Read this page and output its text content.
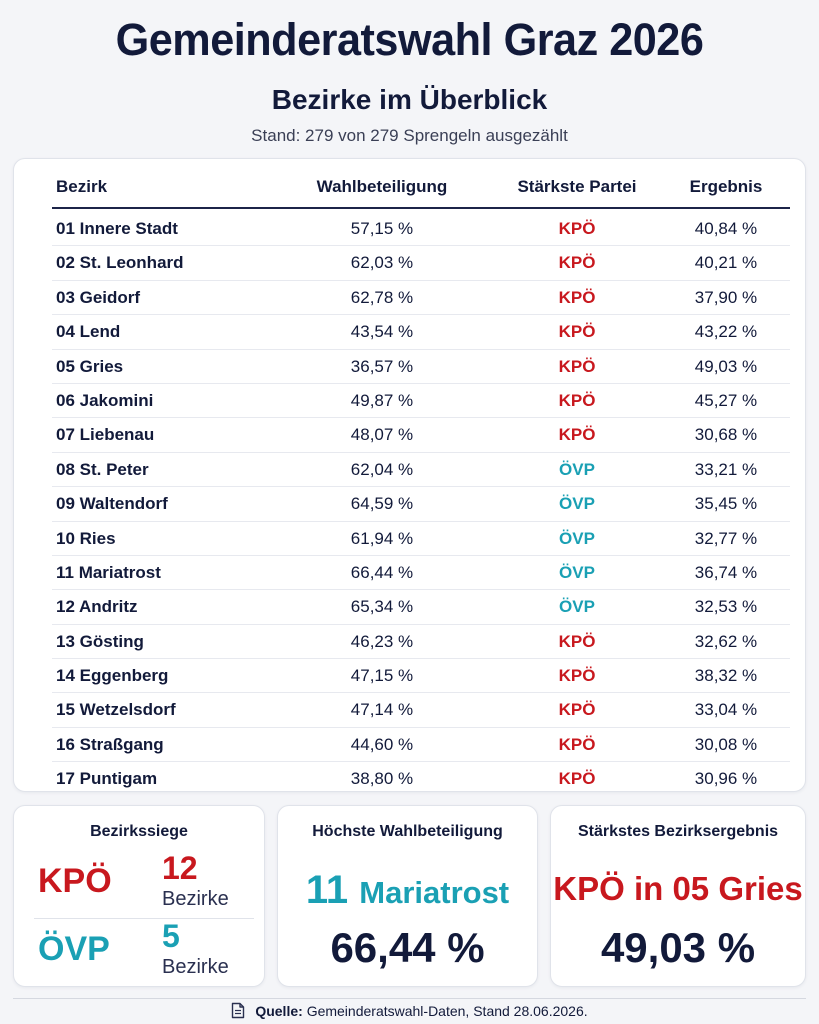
Gemeinderatswahl Graz 2026
Bezirke im Überblick
Stand: 279 von 279 Sprengeln ausgezählt
Bezirk	Wahlbeteiligung	Stärkste Partei	Ergebnis
01 Innere Stadt	57,15 %	KPÖ	40,84 %
02 St. Leonhard	62,03 %	KPÖ	40,21 %
03 Geidorf	62,78 %	KPÖ	37,90 %
04 Lend	43,54 %	KPÖ	43,22 %
05 Gries	36,57 %	KPÖ	49,03 %
06 Jakomini	49,87 %	KPÖ	45,27 %
07 Liebenau	48,07 %	KPÖ	30,68 %
08 St. Peter	62,04 %	ÖVP	33,21 %
09 Waltendorf	64,59 %	ÖVP	35,45 %
10 Ries	61,94 %	ÖVP	32,77 %
11 Mariatrost	66,44 %	ÖVP	36,74 %
12 Andritz	65,34 %	ÖVP	32,53 %
13 Gösting	46,23 %	KPÖ	32,62 %
14 Eggenberg	47,15 %	KPÖ	38,32 %
15 Wetzelsdorf	47,14 %	KPÖ	33,04 %
16 Straßgang	44,60 %	KPÖ	30,08 %
17 Puntigam	38,80 %	KPÖ	30,96 %
Bezirkssiege
KPÖ 12
Bezirke
ÖVP 5
Bezirke
Höchste Wahlbeteiligung
11 Mariatrost
66,44 %
Stärkstes Bezirksergebnis
KPÖ in 05 Gries
49,03 %
Quelle: Gemeinderatswahl-Daten, Stand 28.06.2026.
